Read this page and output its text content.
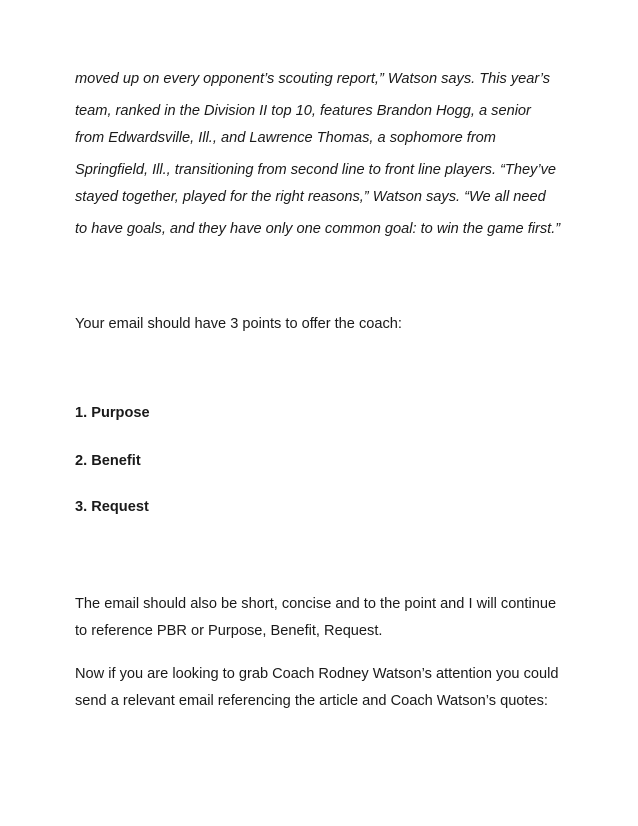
moved up on every opponent’s scouting report,” Watson says. This year’s
team, ranked in the Division II top 10, features Brandon Hogg, a senior
from Edwardsville, Ill., and Lawrence Thomas, a sophomore from
Springfield, Ill., transitioning from second line to front line players. “They’ve
stayed together, played for the right reasons,” Watson says. “We all need
to have goals, and they have only one common goal: to win the game first.”
Your email should have 3 points to offer the coach:
1. Purpose
2. Benefit
3. Request
The email should also be short, concise and to the point and I will continue
to reference PBR or Purpose, Benefit, Request.
Now if you are looking to grab Coach Rodney Watson’s attention you could
send a relevant email referencing the article and Coach Watson’s quotes:
